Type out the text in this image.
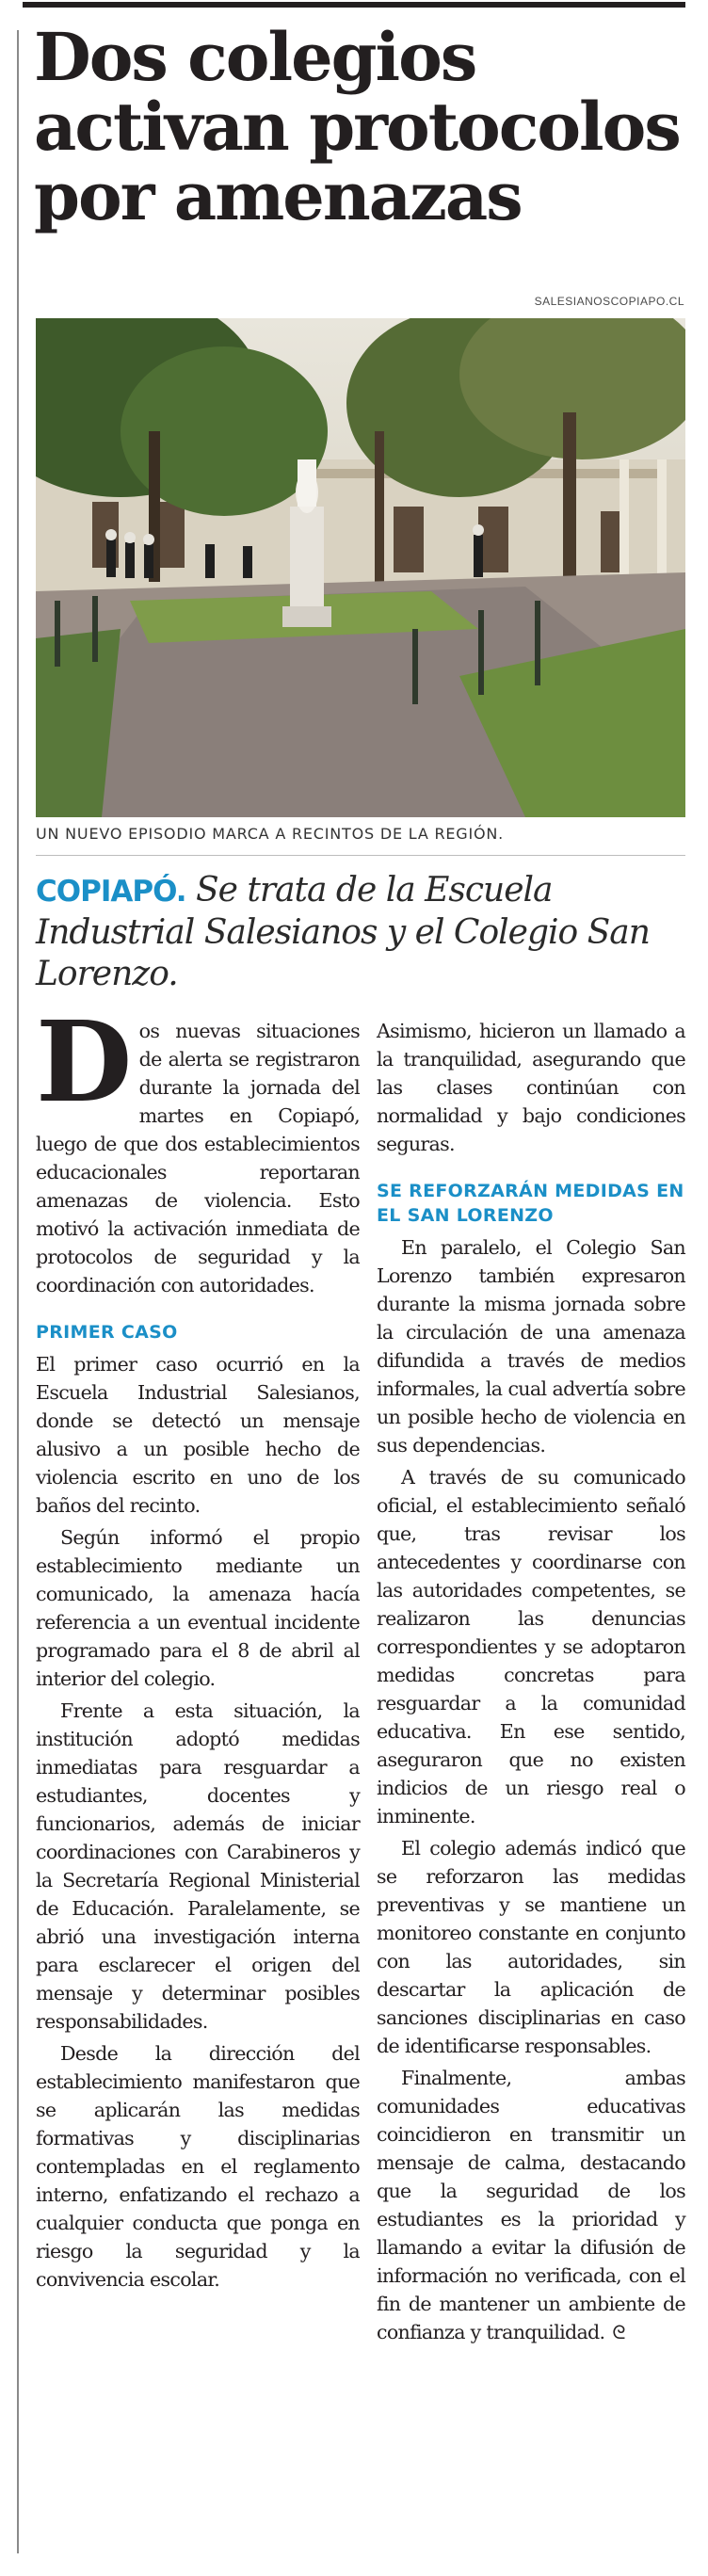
Dos colegios activan protocolos por amenazas

SALESIANOSCOPIAPO.CL

UN NUEVO EPISODIO MARCA A RECINTOS DE LA REGIÓN.

COPIAPÓ. Se trata de la Escuela Industrial Salesianos y el Colegio San Lorenzo.

Dos nuevas situaciones de alerta se registraron durante la jornada del martes en Copiapó, luego de que dos establecimientos educacionales reportaran amenazas de violencia. Esto motivó la activación inmediata de protocolos de seguridad y la coordinación con autoridades.

PRIMER CASO

El primer caso ocurrió en la Escuela Industrial Salesianos, donde se detectó un mensaje alusivo a un posible hecho de violencia escrito en uno de los baños del recinto.

Según informó el propio establecimiento mediante un comunicado, la amenaza hacía referencia a un eventual incidente programado para el 8 de abril al interior del colegio.

Frente a esta situación, la institución adoptó medidas inmediatas para resguardar a estudiantes, docentes y funcionarios, además de iniciar coordinaciones con Carabineros y la Secretaría Regional Ministerial de Educación. Paralelamente, se abrió una investigación interna para esclarecer el origen del mensaje y determinar posibles responsabilidades.

Desde la dirección del establecimiento manifestaron que se aplicarán las medidas formativas y disciplinarias contempladas en el reglamento interno, enfatizando el rechazo a cualquier conducta que ponga en riesgo la seguridad y la convivencia escolar.

Asimismo, hicieron un llamado a la tranquilidad, asegurando que las clases continúan con normalidad y bajo condiciones seguras.

SE REFORZARÁN MEDIDAS EN EL SAN LORENZO

En paralelo, el Colegio San Lorenzo también expresaron durante la misma jornada sobre la circulación de una amenaza difundida a través de medios informales, la cual advertía sobre un posible hecho de violencia en sus dependencias.

A través de su comunicado oficial, el establecimiento señaló que, tras revisar los antecedentes y coordinarse con las autoridades competentes, se realizaron las denuncias correspondientes y se adoptaron medidas concretas para resguardar a la comunidad educativa. En ese sentido, aseguraron que no existen indicios de un riesgo real o inminente.

El colegio además indicó que se reforzaron las medidas preventivas y se mantiene un monitoreo constante en conjunto con las autoridades, sin descartar la aplicación de sanciones disciplinarias en caso de identificarse responsables.

Finalmente, ambas comunidades educativas coincidieron en transmitir un mensaje de calma, destacando que la seguridad de los estudiantes es la prioridad y llamando a evitar la difusión de información no verificada, con el fin de mantener un ambiente de confianza y tranquilidad. ᘓ
